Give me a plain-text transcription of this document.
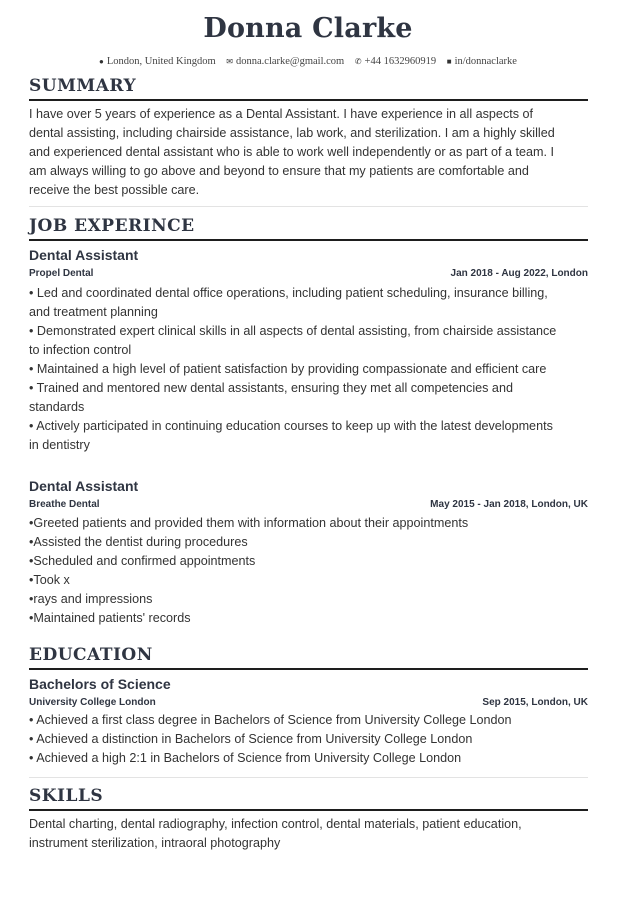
Donna Clarke
● London, United Kingdom ✉ donna.clarke@gmail.com ✆ +44 1632960919 ■ in/donnaclarke
SUMMARY
I have over 5 years of experience as a Dental Assistant. I have experience in all aspects of
dental assisting, including chairside assistance, lab work, and sterilization. I am a highly skilled
and experienced dental assistant who is able to work well independently or as part of a team. I
am always willing to go above and beyond to ensure that my patients are comfortable and
receive the best possible care.
JOB EXPERINCE
Dental Assistant
Propel Dental	Jan 2018 - Aug 2022, London
• Led and coordinated dental office operations, including patient scheduling, insurance billing,
and treatment planning
• Demonstrated expert clinical skills in all aspects of dental assisting, from chairside assistance
to infection control
• Maintained a high level of patient satisfaction by providing compassionate and efficient care
• Trained and mentored new dental assistants, ensuring they met all competencies and
standards
• Actively participated in continuing education courses to keep up with the latest developments
in dentistry
Dental Assistant
Breathe Dental	May 2015 - Jan 2018, London, UK
•Greeted patients and provided them with information about their appointments
•Assisted the dentist during procedures
•Scheduled and confirmed appointments
•Took x
•rays and impressions
•Maintained patients' records
EDUCATION
Bachelors of Science
University College London	Sep 2015, London, UK
• Achieved a first class degree in Bachelors of Science from University College London
• Achieved a distinction in Bachelors of Science from University College London
• Achieved a high 2:1 in Bachelors of Science from University College London
SKILLS
Dental charting, dental radiography, infection control, dental materials, patient education,
instrument sterilization, intraoral photography
